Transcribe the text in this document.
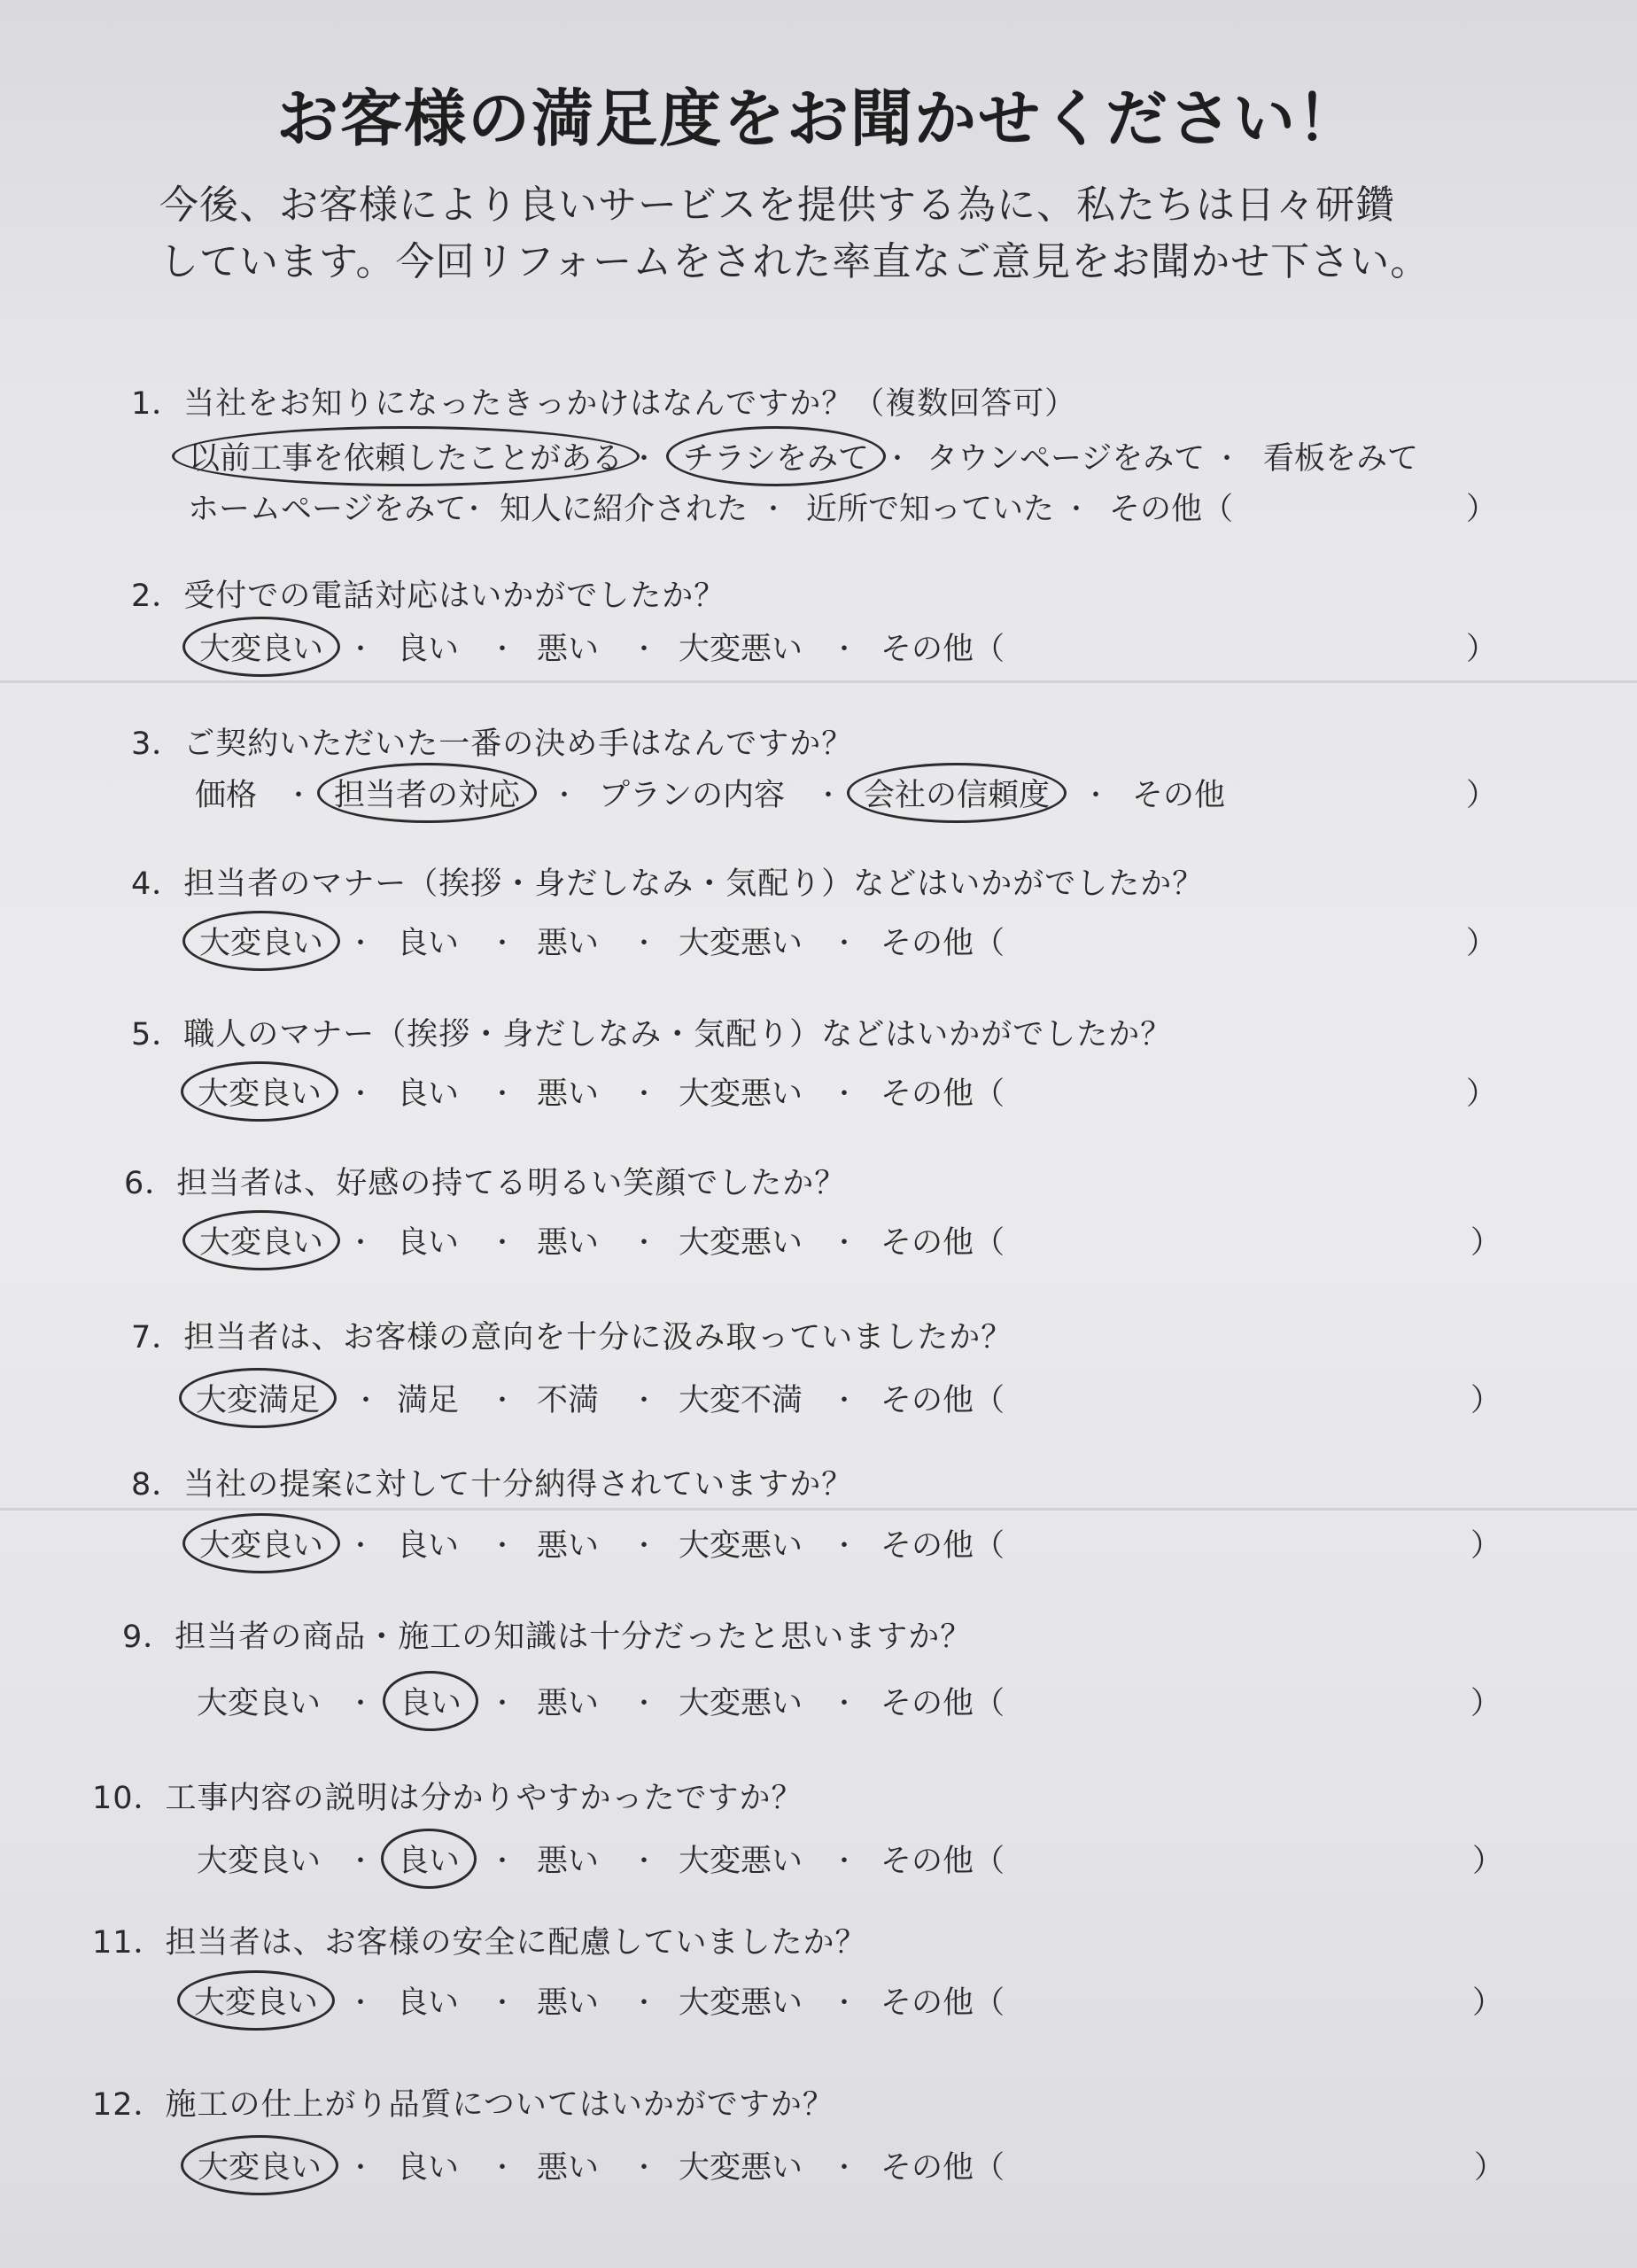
お客様の満足度をお聞かせください！
今後、お客様により良いサービスを提供する為に、私たちは日々研鑽
しています。今回リフォームをされた率直なご意見をお聞かせ下さい。
1．当社をお知りになったきっかけはなんですか？（複数回答可）
以前工事を依頼したことがある ・ チラシをみて ・ タウンページをみて ・ 看板をみて
ホームページをみて
・ 知人に紹介された ・ 近所で知っていた ・ その他（	）
2．受付での電話対応はいかがでしたか？
大変良い ・ 良い	・ 悪い	・ 大変悪い	・ その他（	）
3．ご契約いただいた一番の決め手はなんですか？
価格	・ 担当者の対応	・ プランの内容	・ 会社の信頼度	・ その他	）
4．担当者のマナー（挨拶・身だしなみ・気配り）などはいかがでしたか？
大変良い ・ 良い	・ 悪い	・ 大変悪い	・ その他（	）
5．職人のマナー（挨拶・身だしなみ・気配り）などはいかがでしたか？
大変良い ・ 良い	・ 悪い	・ 大変悪い	・ その他（	）
6．担当者は、好感の持てる明るい笑顔でしたか？
大変良い ・ 良い	・ 悪い	・ 大変悪い	・ その他（	）
7．担当者は、お客様の意向を十分に汲み取っていましたか？
大変満足	・ 満足	・ 不満	・ 大変不満	・ その他（	）
8．当社の提案に対して十分納得されていますか？
大変良い ・ 良い	・ 悪い	・ 大変悪い	・ その他（	）
9．担当者の商品・施工の知識は十分だったと思いますか？
大変良い ・ 良い	・ 悪い	・ 大変悪い	・ その他（	）
10．工事内容の説明は分かりやすかったですか？
大変良い ・ 良い	・ 悪い	・ 大変悪い	・ その他（	）
11．担当者は、お客様の安全に配慮していましたか？
大変良い	・ 良い	・ 悪い	・ 大変悪い	・ その他（	）
12．施工の仕上がり品質についてはいかがですか？
大変良い ・ 良い	・ 悪い	・ 大変悪い	・ その他（	）
